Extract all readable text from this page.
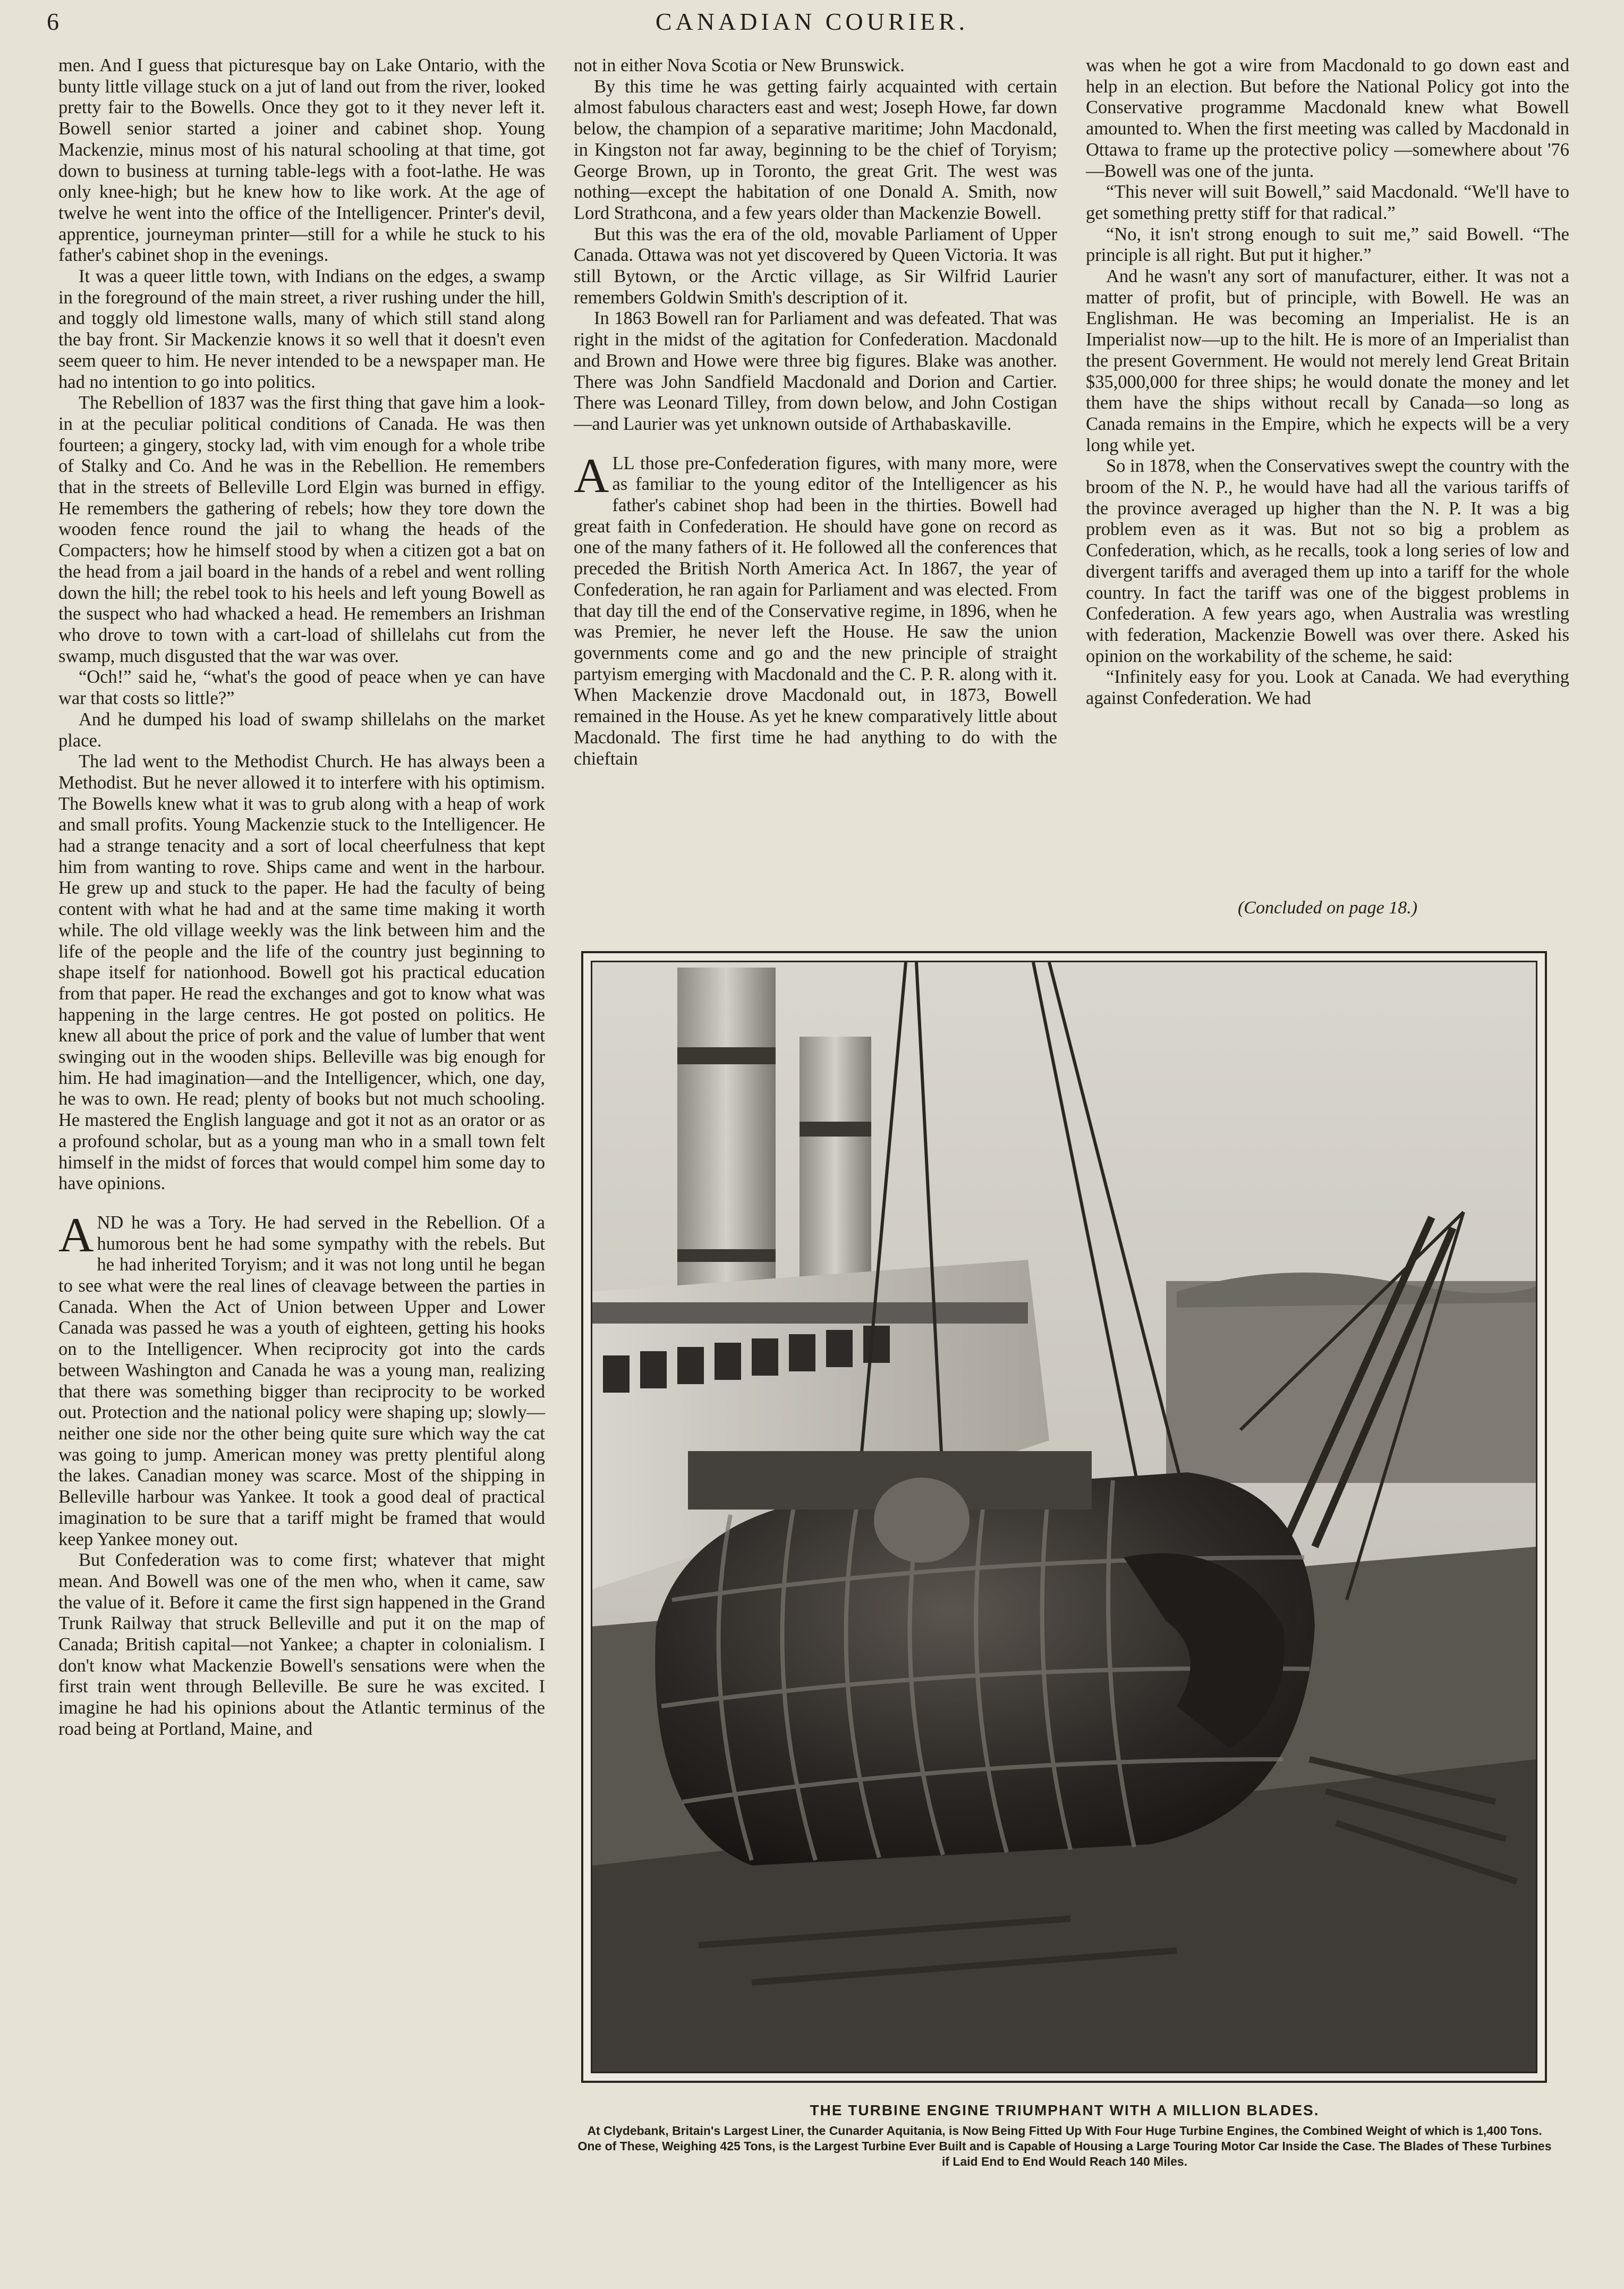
6	CANADIAN COURIER.

men. And I guess that picturesque bay on Lake Ontario, with the bunty little village stuck on a jut of land out from the river, looked pretty fair to the Bowells. Once they got to it they never left it. Bowell senior started a joiner and cabinet shop. Young Mackenzie, minus most of his natural schooling at that time, got down to business at turning table-legs with a foot-lathe. He was only knee-high; but he knew how to like work. At the age of twelve he went into the office of the Intelligencer. Printer's devil, apprentice, journeyman printer—still for a while he stuck to his father's cabinet shop in the evenings.

It was a queer little town, with Indians on the edges, a swamp in the foreground of the main street, a river rushing under the hill, and toggly old limestone walls, many of which still stand along the bay front. Sir Mackenzie knows it so well that it doesn't even seem queer to him. He never intended to be a newspaper man. He had no intention to go into politics.

The Rebellion of 1837 was the first thing that gave him a look-in at the peculiar political conditions of Canada. He was then fourteen; a gingery, stocky lad, with vim enough for a whole tribe of Stalky and Co. And he was in the Rebellion. He remembers that in the streets of Belleville Lord Elgin was burned in effigy. He remembers the gathering of rebels; how they tore down the wooden fence round the jail to whang the heads of the Compacters; how he himself stood by when a citizen got a bat on the head from a jail board in the hands of a rebel and went rolling down the hill; the rebel took to his heels and left young Bowell as the suspect who had whacked a head. He remembers an Irishman who drove to town with a cart-load of shillelahs cut from the swamp, much disgusted that the war was over.

“Och!” said he, “what's the good of peace when ye can have war that costs so little?”

And he dumped his load of swamp shillelahs on the market place.

The lad went to the Methodist Church. He has always been a Methodist. But he never allowed it to interfere with his optimism. The Bowells knew what it was to grub along with a heap of work and small profits. Young Mackenzie stuck to the Intelligencer. He had a strange tenacity and a sort of local cheerfulness that kept him from wanting to rove. Ships came and went in the harbour. He grew up and stuck to the paper. He had the faculty of being content with what he had and at the same time making it worth while. The old village weekly was the link between him and the life of the people and the life of the country just beginning to shape itself for nationhood. Bowell got his practical education from that paper. He read the exchanges and got to know what was happening in the large centres. He got posted on politics. He knew all about the price of pork and the value of lumber that went swinging out in the wooden ships. Belleville was big enough for him. He had imagination—and the Intelligencer, which, one day, he was to own. He read; plenty of books but not much schooling. He mastered the English language and got it not as an orator or as a profound scholar, but as a young man who in a small town felt himself in the midst of forces that would compel him some day to have opinions.

AND he was a Tory. He had served in the Rebellion. Of a humorous bent he had some sympathy with the rebels. But he had inherited Toryism; and it was not long until he began to see what were the real lines of cleavage between the parties in Canada. When the Act of Union between Upper and Lower Canada was passed he was a youth of eighteen, getting his hooks on to the Intelligencer. When reciprocity got into the cards between Washington and Canada he was a young man, realizing that there was something bigger than reciprocity to be worked out. Protection and the national policy were shaping up; slowly—neither one side nor the other being quite sure which way the cat was going to jump. American money was pretty plentiful along the lakes. Canadian money was scarce. Most of the shipping in Belleville harbour was Yankee. It took a good deal of practical imagination to be sure that a tariff might be framed that would keep Yankee money out.

But Confederation was to come first; whatever that might mean. And Bowell was one of the men who, when it came, saw the value of it. Before it came the first sign happened in the Grand Trunk Railway that struck Belleville and put it on the map of Canada; British capital—not Yankee; a chapter in colonialism. I don't know what Mackenzie Bowell's sensations were when the first train went through Belleville. Be sure he was excited. I imagine he had his opinions about the Atlantic terminus of the road being at Portland, Maine, and

not in either Nova Scotia or New Brunswick.

By this time he was getting fairly acquainted with certain almost fabulous characters east and west; Joseph Howe, far down below, the champion of a separative maritime; John Macdonald, in Kingston not far away, beginning to be the chief of Toryism; George Brown, up in Toronto, the great Grit. The west was nothing—except the habitation of one Donald A. Smith, now Lord Strathcona, and a few years older than Mackenzie Bowell.

But this was the era of the old, movable Parliament of Upper Canada. Ottawa was not yet discovered by Queen Victoria. It was still Bytown, or the Arctic village, as Sir Wilfrid Laurier remembers Goldwin Smith's description of it.

In 1863 Bowell ran for Parliament and was defeated. That was right in the midst of the agitation for Confederation. Macdonald and Brown and Howe were three big figures. Blake was another. There was John Sandfield Macdonald and Dorion and Cartier. There was Leonard Tilley, from down below, and John Costigan—and Laurier was yet unknown outside of Arthabaskaville.

ALL those pre-Confederation figures, with many more, were as familiar to the young editor of the Intelligencer as his father's cabinet shop had been in the thirties. Bowell had great faith in Confederation. He should have gone on record as one of the many fathers of it. He followed all the conferences that preceded the British North America Act. In 1867, the year of Confederation, he ran again for Parliament and was elected. From that day till the end of the Conservative regime, in 1896, when he was Premier, he never left the House. He saw the union governments come and go and the new principle of straight partyism emerging with Macdonald and the C. P. R. along with it. When Mackenzie drove Macdonald out, in 1873, Bowell remained in the House. As yet he knew comparatively little about Macdonald. The first time he had anything to do with the chieftain

was when he got a wire from Macdonald to go down east and help in an election. But before the National Policy got into the Conservative programme Macdonald knew what Bowell amounted to. When the first meeting was called by Macdonald in Ottawa to frame up the protective policy —somewhere about '76—Bowell was one of the junta.

“This never will suit Bowell,” said Macdonald. “We'll have to get something pretty stiff for that radical.”

“No, it isn't strong enough to suit me,” said Bowell. “The principle is all right. But put it higher.”

And he wasn't any sort of manufacturer, either. It was not a matter of profit, but of principle, with Bowell. He was an Englishman. He was becoming an Imperialist. He is an Imperialist now—up to the hilt. He is more of an Imperialist than the present Government. He would not merely lend Great Britain $35,000,000 for three ships; he would donate the money and let them have the ships without recall by Canada—so long as Canada remains in the Empire, which he expects will be a very long while yet.

So in 1878, when the Conservatives swept the country with the broom of the N. P., he would have had all the various tariffs of the province averaged up higher than the N. P. It was a big problem even as it was. But not so big a problem as Confederation, which, as he recalls, took a long series of low and divergent tariffs and averaged them up into a tariff for the whole country. In fact the tariff was one of the biggest problems in Confederation. A few years ago, when Australia was wrestling with federation, Mackenzie Bowell was over there. Asked his opinion on the workability of the scheme, he said:

“Infinitely easy for you. Look at Canada. We had everything against Confederation. We had

(Concluded on page 18.)
THE TURBINE ENGINE TRIUMPHANT WITH A MILLION BLADES.
At Clydebank, Britain's Largest Liner, the Cunarder Aquitania, is Now Being Fitted Up With Four Huge Turbine Engines, the Combined Weight of which is 1,400 Tons. One of These, Weighing 425 Tons, is the Largest Turbine Ever Built and is Capable of Housing a Large Touring Motor Car Inside the Case. The Blades of These Turbines if Laid End to End Would Reach 140 Miles.
